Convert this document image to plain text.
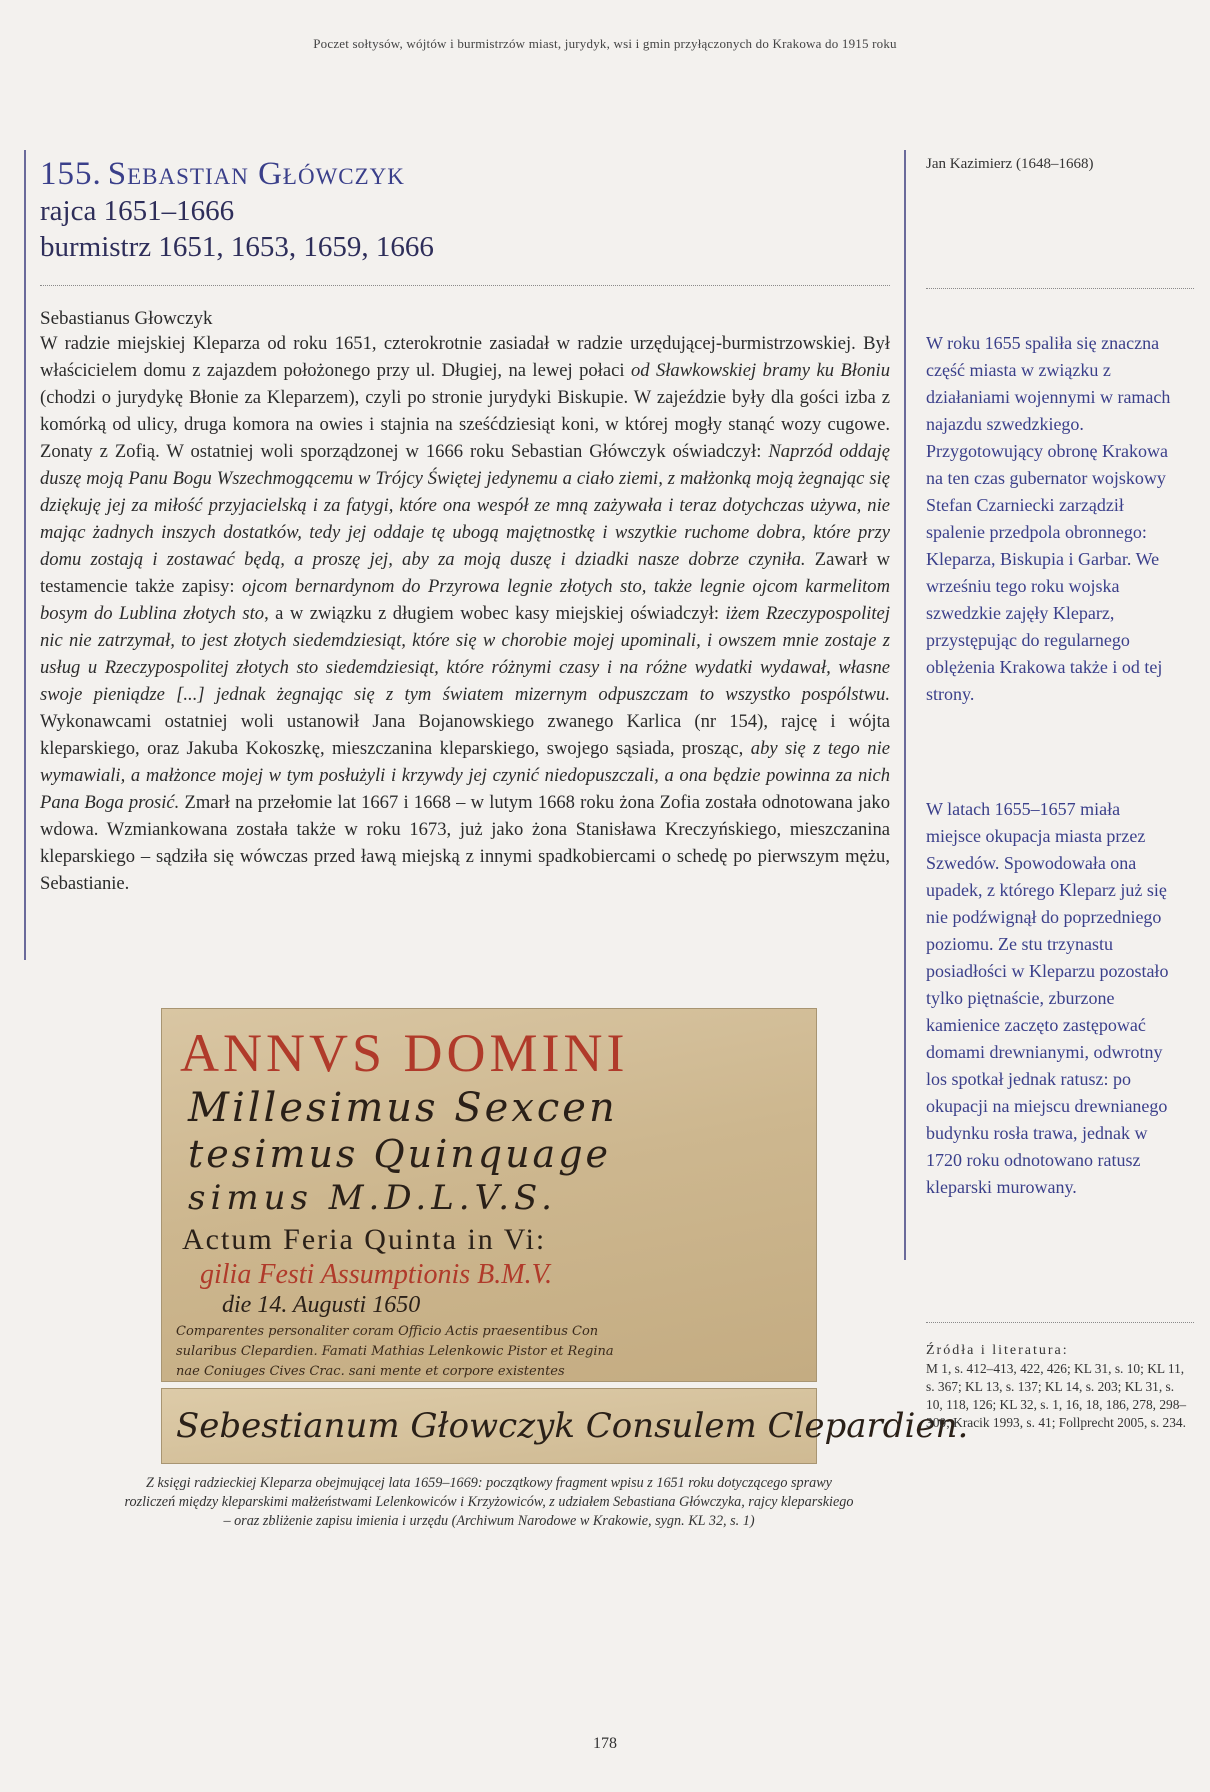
Poczet sołtysów, wójtów i burmistrzów miast, jurydyk, wsi i gmin przyłączonych do Krakowa do 1915 roku
155. Sebastian Główczyk

rajca 1651–1666

burmistrz 1651, 1653, 1659, 1666

Sebastianus Głowczyk

W radzie miejskiej Kleparza od roku 1651, czterokrotnie zasiadał w radzie urzędującej-burmistrzowskiej. Był właścicielem domu z zajazdem położonego przy ul. Długiej, na lewej połaci od Sławkowskiej bramy ku Błoniu (chodzi o jurydykę Błonie za Kleparzem), czyli po stronie jurydyki Biskupie. W zajeździe były dla gości izba z komórką od ulicy, druga komora na owies i stajnia na sześćdziesiąt koni, w której mogły stanąć wozy cugowe. Zonaty z Zofią. W ostatniej woli sporządzonej w 1666 roku Sebastian Główczyk oświadczył: Naprzód oddaję duszę moją Panu Bogu Wszechmogącemu w Trójcy Świętej jedynemu a ciało ziemi, z małżonką moją żegnając się dziękuję jej za miłość przyjacielską i za fatygi, które ona wespół ze mną zażywała i teraz dotychczas używa, nie mając żadnych inszych dostatków, tedy jej oddaje tę ubogą majętnostkę i wszytkie ruchome dobra, które przy domu zostają i zostawać będą, a proszę jej, aby za moją duszę i dziadki nasze dobrze czyniła. Zawarł w testamencie także zapisy: ojcom bernardynom do Przyrowa legnie złotych sto, także legnie ojcom karmelitom bosym do Lublina złotych sto, a w związku z długiem wobec kasy miejskiej oświadczył: iżem Rzeczypospolitej nic nie zatrzymał, to jest złotych siedemdziesiąt, które się w chorobie mojej upominali, i owszem mnie zostaje z usług u Rzeczypospolitej złotych sto siedemdziesiąt, które różnymi czasy i na różne wydatki wydawał, własne swoje pieniądze [...] jednak żegnając się z tym światem mizernym odpuszczam to wszystko pospólstwu. Wykonawcami ostatniej woli ustanowił Jana Bojanowskiego zwanego Karlica (nr 154), rajcę i wójta kleparskiego, oraz Jakuba Kokoszkę, mieszczanina kleparskiego, swojego sąsiada, prosząc, aby się z tego nie wymawiali, a małżonce mojej w tym posłużyli i krzywdy jej czynić niedopuszczali, a ona będzie powinna za nich Pana Boga prosić. Zmarł na przełomie lat 1667 i 1668 – w lutym 1668 roku żona Zofia została odnotowana jako wdowa. Wzmiankowana została także w roku 1673, już jako żona Stanisława Kreczyńskiego, mieszczanina kleparskiego – sądziła się wówczas przed ławą miejską z innymi spadkobiercami o schedę po pierwszym mężu, Sebastianie.

ANNVS DOMINI
Millesimus Sexcen
tesimus Quinquage
simus M.D.L.V.S.
Actum Feria Quinta in Vi:
gilia Festi Assumptionis B.M.V.
die 14. Augusti 1650
Comparentes personaliter coram Officio Actis praesentibus Con
sularibus Clepardien. Famati Mathias Lelenkowic Pistor et Regina
nae Coniuges Cives Crac. sani mente et corpore existentes
Sebestianum Głowczyk Consulem Clepardien.
Z księgi radzieckiej Kleparza obejmującej lata 1659–1669: początkowy fragment wpisu z 1651 roku dotyczącego sprawy rozliczeń między kleparskimi małżeństwami Lelenkowiców i Krzyżowiców, z udziałem Sebastiana Główczyka, rajcy kleparskiego – oraz zbliżenie zapisu imienia i urzędu (Archiwum Narodowe w Krakowie, sygn. KL 32, s. 1)
Jan Kazimierz (1648–1668)
W roku 1655 spaliła się znaczna część miasta w związku z działaniami wojennymi w ramach najazdu szwedzkiego. Przygotowujący obronę Krakowa na ten czas gubernator wojskowy Stefan Czarniecki zarządził spalenie przedpola obronnego: Kleparza, Biskupia i Garbar. We wrześniu tego roku wojska szwedzkie zajęły Kleparz, przystępując do regularnego oblężenia Krakowa także i od tej strony.
W latach 1655–1657 miała miejsce okupacja miasta przez Szwedów. Spowodowała ona upadek, z którego Kleparz już się nie podźwignął do poprzedniego poziomu. Ze stu trzynastu posiadłości w Kleparzu pozostało tylko piętnaście, zburzone kamienice zaczęto zastępować domami drewnianymi, odwrotny los spotkał jednak ratusz: po okupacji na miejscu drewnianego budynku rosła trawa, jednak w 1720 roku odnotowano ratusz kleparski murowany.
Źródła i literatura:
M 1, s. 412–413, 422, 426; KL 31, s. 10; KL 11, s. 367; KL 13, s. 137; KL 14, s. 203; KL 31, s. 10, 118, 126; KL 32, s. 1, 16, 18, 186, 278, 298–300; Kracik 1993, s. 41; Follprecht 2005, s. 234.
178
